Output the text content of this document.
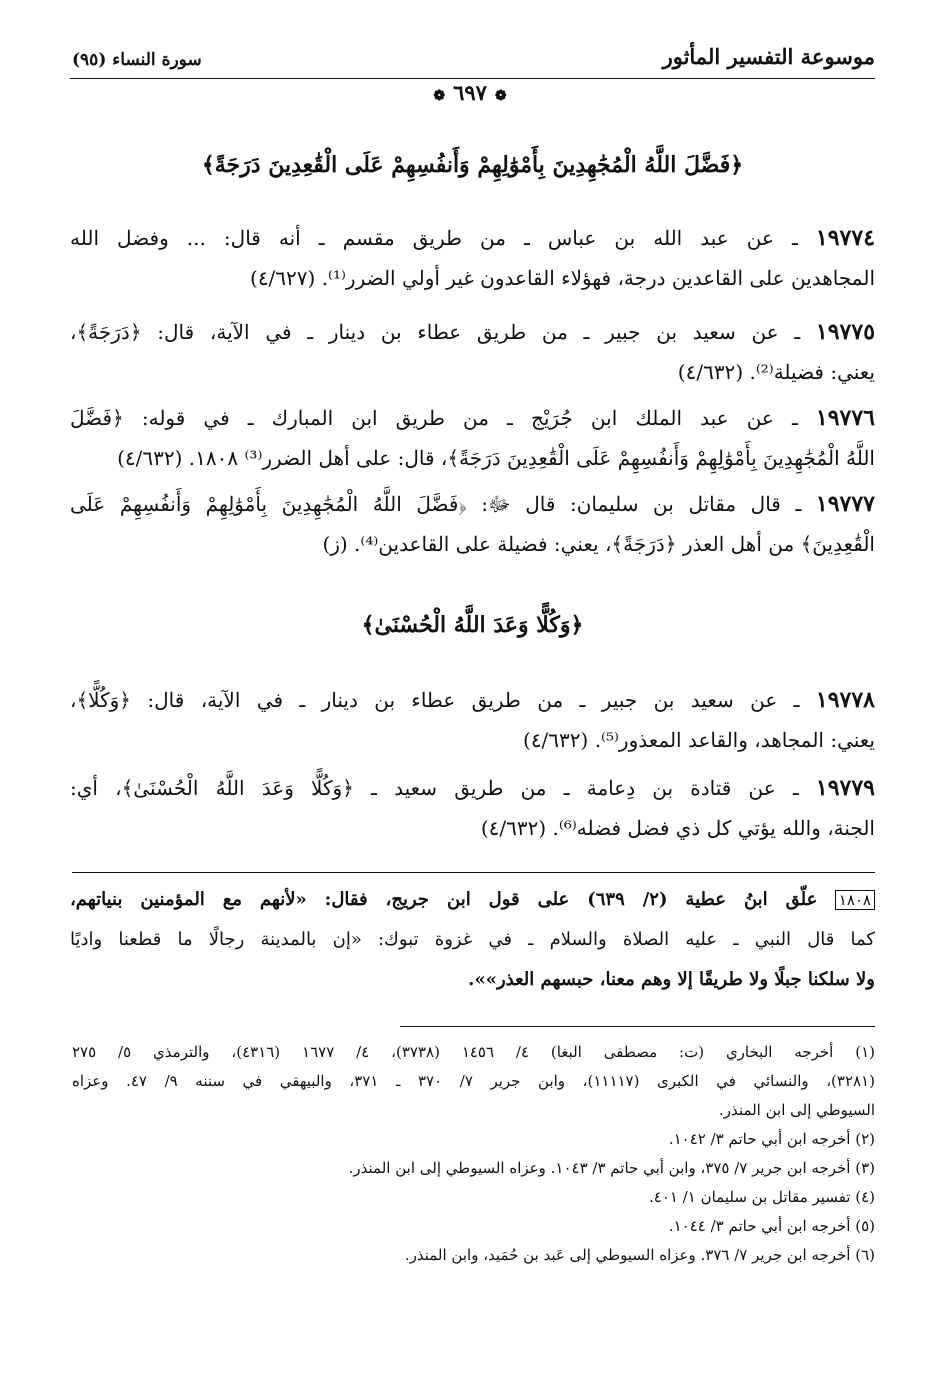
موسوعة التفسير المأثور
سورة النساء (٩٥)
❁٦٩٧❁
﴿فَضَّلَ اللَّهُ الْمُجَٰهِدِينَ بِأَمْوَٰلِهِمْ وَأَنفُسِهِمْ عَلَى الْقَٰعِدِينَ دَرَجَةً﴾
١٩٧٧٤ ـ عن عبد الله بن عباس ـ من طريق مقسم ـ أنه قال: ... وفضل الله
المجاهدين على القاعدين درجة، فهؤلاء القاعدون غير أولي الضرر⁽¹⁾. (٤/٦٢٧)
١٩٧٧٥ ـ عن سعيد بن جبير ـ من طريق عطاء بن دينار ـ في الآية، قال: ﴿دَرَجَةً﴾،
يعني: فضيلة⁽²⁾. (٤/٦٣٢)
١٩٧٧٦ ـ عن عبد الملك ابن جُرَيْج ـ من طريق ابن المبارك ـ في قوله: ﴿فَضَّلَ
اللَّهُ الْمُجَٰهِدِينَ بِأَمْوَٰلِهِمْ وَأَنفُسِهِمْ عَلَى الْقَٰعِدِينَ دَرَجَةً﴾، قال: على أهل الضرر⁽³⁾ ١٨٠٨. (٤/٦٣٢)
١٩٧٧٧ ـ قال مقاتل بن سليمان: قال ﷻ: ﴿فَضَّلَ اللَّهُ الْمُجَٰهِدِينَ بِأَمْوَٰلِهِمْ وَأَنفُسِهِمْ عَلَى
الْقَٰعِدِينَ﴾ من أهل العذر ﴿دَرَجَةً﴾، يعني: فضيلة على القاعدين⁽⁴⁾. (ز)
﴿وَكُلًّا وَعَدَ اللَّهُ الْحُسْنَىٰ﴾
١٩٧٧٨ ـ عن سعيد بن جبير ـ من طريق عطاء بن دينار ـ في الآية، قال: ﴿وَكُلًّا﴾،
يعني: المجاهد، والقاعد المعذور⁽⁵⁾. (٤/٦٣٢)
١٩٧٧٩ ـ عن قتادة بن دِعامة ـ من طريق سعيد ـ ﴿وَكُلًّا وَعَدَ اللَّهُ الْحُسْنَىٰ﴾، أي:
الجنة، والله يؤتي كل ذي فضل فضله⁽⁶⁾. (٤/٦٣٢)
١٨٠٨ علّق ابنُ عطية (٢/ ٦٣٩) على قول ابن جريج، فقال: «لأنهم مع المؤمنين بنياتهم،
كما قال النبي ـ عليه الصلاة والسلام ـ في غزوة تبوك: «إن بالمدينة رجالًا ما قطعنا واديًا
ولا سلكنا جبلًا ولا طريقًا إلا وهم معنا، حبسهم العذر»».
(١) أخرجه البخاري (ت: مصطفى البغا) ٤/ ١٤٥٦ (٣٧٣٨)، ٤/ ١٦٧٧ (٤٣١٦)، والترمذي ٥/ ٢٧٥
(٣٢٨١)، والنسائي في الكبرى (١١١١٧)، وابن جرير ٧/ ٣٧٠ ـ ٣٧١، والبيهقي في سننه ٩/ ٤٧. وعزاه
السيوطي إلى ابن المنذر.
(٢) أخرجه ابن أبي حاتم ٣/ ١٠٤٢.
(٣) أخرجه ابن جرير ٧/ ٣٧٥، وابن أبي حاتم ٣/ ١٠٤٣. وعزاه السيوطي إلى ابن المنذر.
(٤) تفسير مقاتل بن سليمان ١/ ٤٠١.
(٥) أخرجه ابن أبي حاتم ٣/ ١٠٤٤.
(٦) أخرجه ابن جرير ٧/ ٣٧٦. وعزاه السيوطي إلى عَبد بن حُمَيد، وابن المنذر.
